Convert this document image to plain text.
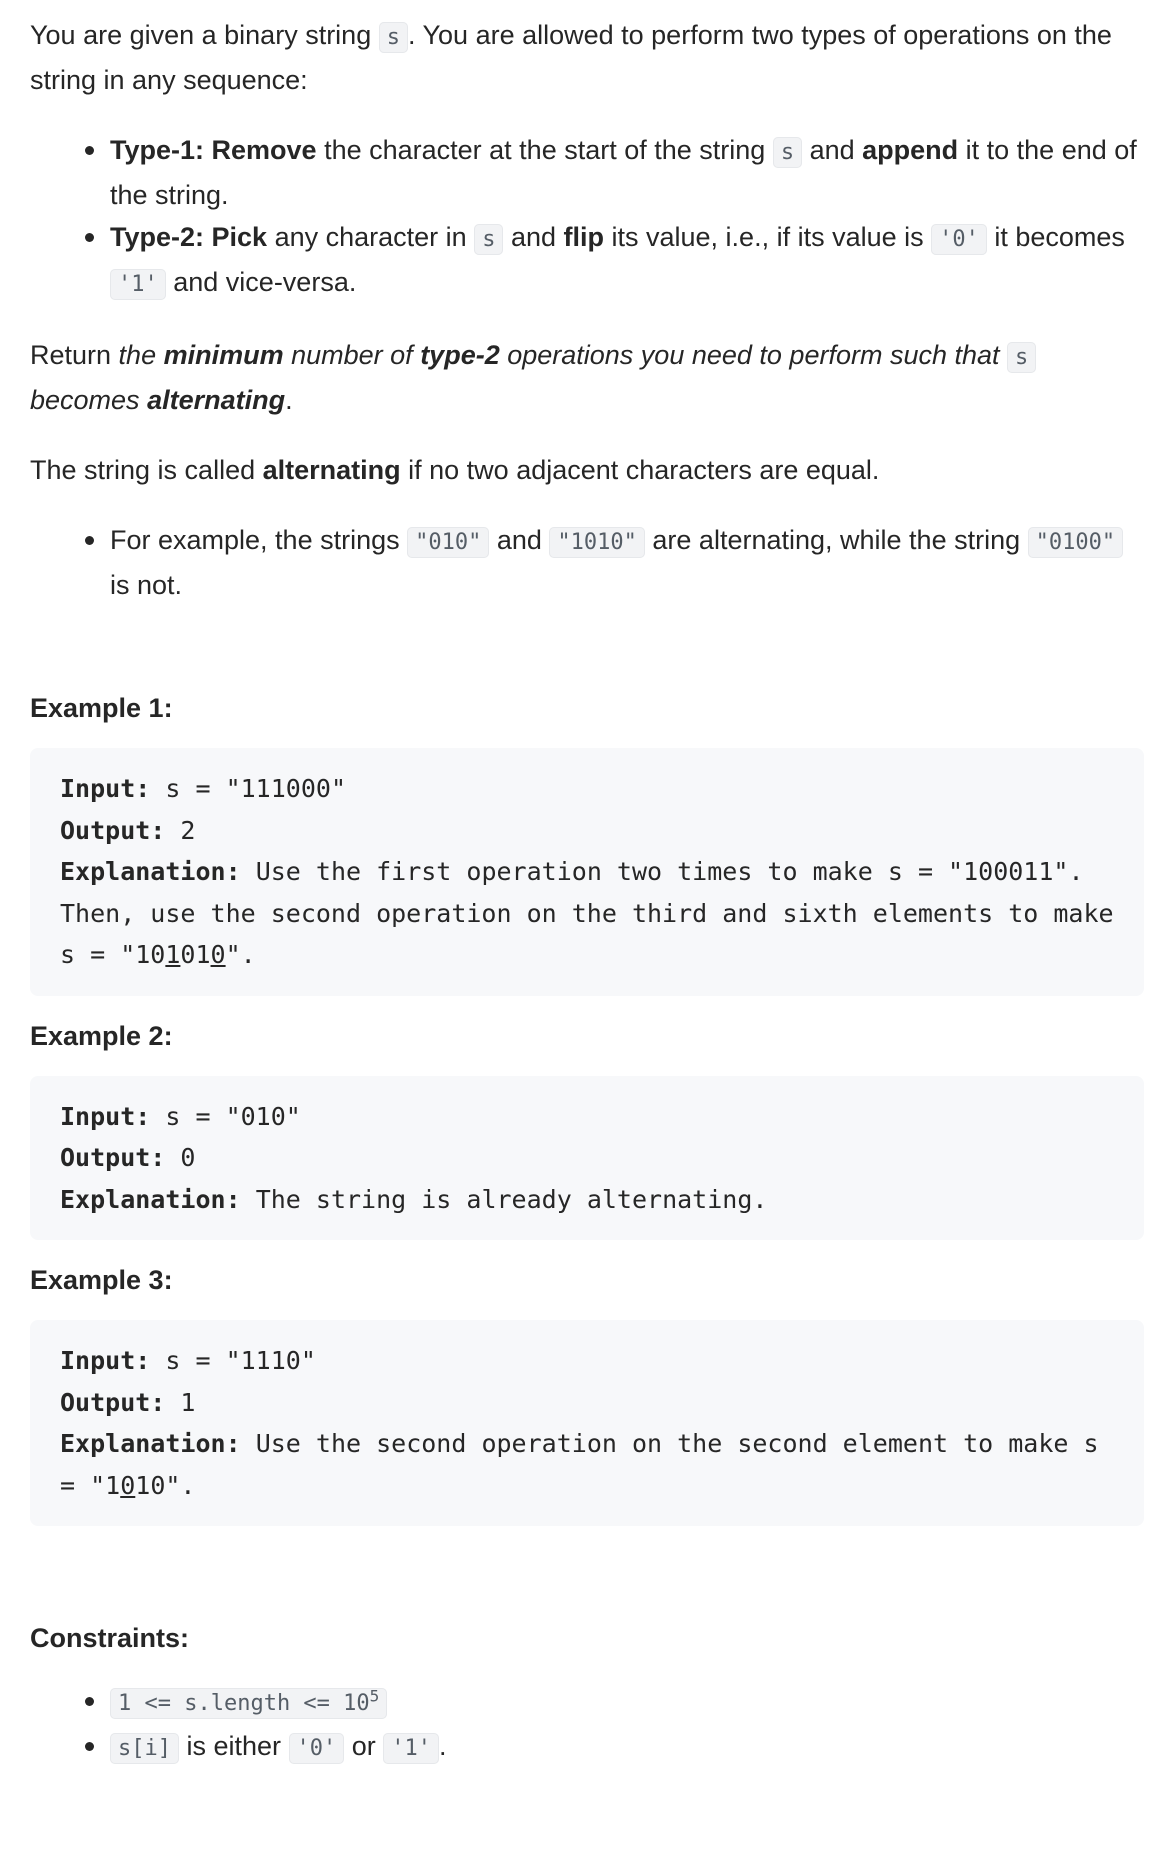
You are given a binary string s . You are allowed to perform two types of operations on the string in any sequence:

Type-1: Remove the character at the start of the string s and append it to the end of the string.
Type-2: Pick any character in s and flip its value, i.e., if its value is '0' it becomes '1' and vice-versa.

Return the minimum number of type-2 operations you need to perform such that s becomes alternating.

The string is called alternating if no two adjacent characters are equal.

For example, the strings "010" and "1010" are alternating, while the string "0100" is not.
Example 1:
Input: s = "111000"
Output: 2
Explanation: Use the first operation two times to make s = "100011".
Then, use the second operation on the third and sixth elements to make s = "101010".
Example 2:
Input: s = "010"
Output: 0
Explanation: The string is already alternating.
Example 3:
Input: s = "1110"
Output: 1
Explanation: Use the second operation on the second element to make s = "1010".
Constraints:
1 <= s.length <= $10^5$
s[i] is either '0' or '1' .
